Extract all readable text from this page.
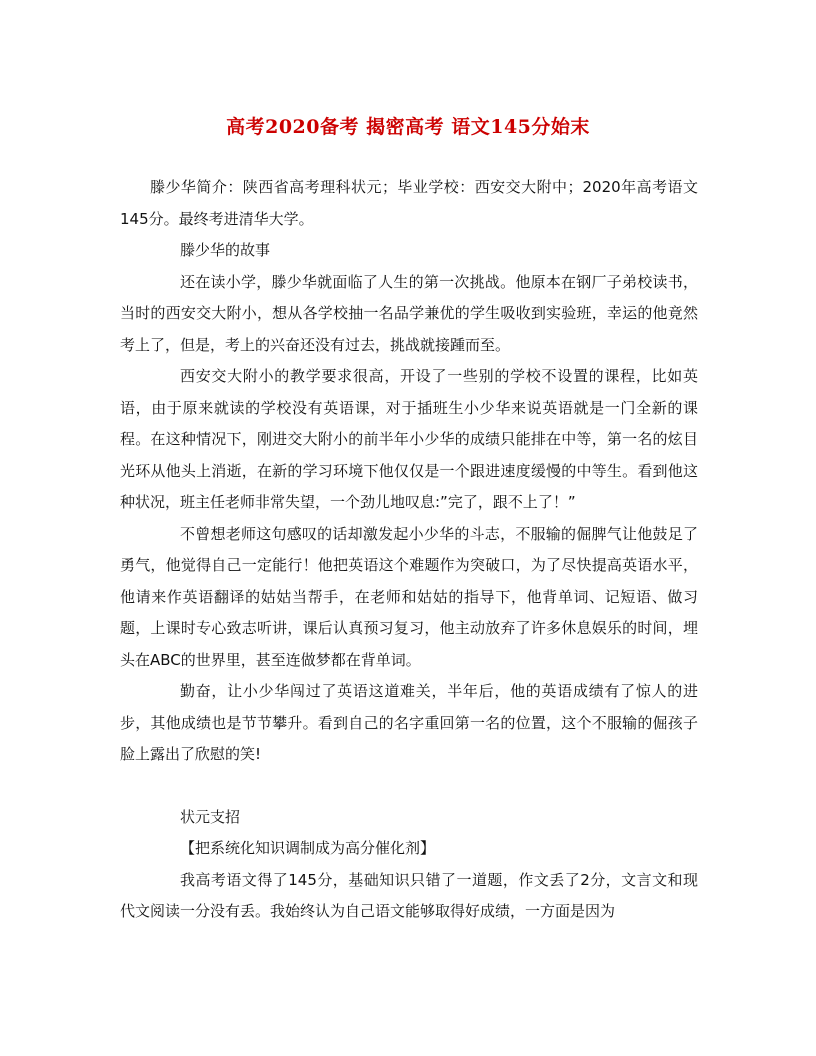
高考2020备考 揭密高考 语文145分始末

滕少华简介：陕西省高考理科状元；毕业学校：西安交大附中；2020年高考语文145分。最终考进清华大学。

滕少华的故事

还在读小学，滕少华就面临了人生的第一次挑战。他原本在钢厂子弟校读书，当时的西安交大附小，想从各学校抽一名品学兼优的学生吸收到实验班，幸运的他竟然考上了，但是，考上的兴奋还没有过去，挑战就接踵而至。

西安交大附小的教学要求很高，开设了一些别的学校不设置的课程，比如英语，由于原来就读的学校没有英语课，对于插班生小少华来说英语就是一门全新的课程。在这种情况下，刚进交大附小的前半年小少华的成绩只能排在中等，第一名的炫目光环从他头上消逝，在新的学习环境下他仅仅是一个跟进速度缓慢的中等生。看到他这种状况，班主任老师非常失望，一个劲儿地叹息:”完了，跟不上了！”

不曾想老师这句感叹的话却激发起小少华的斗志，不服输的倔脾气让他鼓足了勇气，他觉得自己一定能行！他把英语这个难题作为突破口，为了尽快提高英语水平，他请来作英语翻译的姑姑当帮手，在老师和姑姑的指导下，他背单词、记短语、做习题，上课时专心致志听讲，课后认真预习复习，他主动放弃了许多休息娱乐的时间，埋头在ABC的世界里，甚至连做梦都在背单词。

勤奋，让小少华闯过了英语这道难关，半年后，他的英语成绩有了惊人的进步，其他成绩也是节节攀升。看到自己的名字重回第一名的位置，这个不服输的倔孩子脸上露出了欣慰的笑!

状元支招

【把系统化知识调制成为高分催化剂】

我高考语文得了145分，基础知识只错了一道题，作文丢了2分，文言文和现代文阅读一分没有丢。我始终认为自己语文能够取得好成绩，一方面是因为
